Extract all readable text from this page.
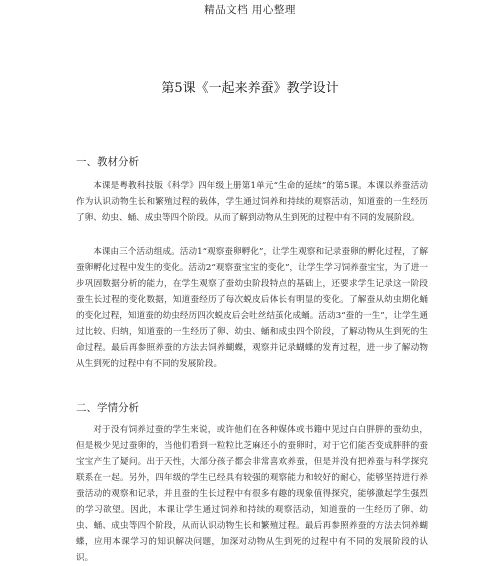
精品文档 用心整理
第5课《一起来养蚕》教学设计
一、教材分析

本课是粤教科技版《科学》四年级上册第1单元“生命的延续”的第5课。本课以养蚕活动作为认识动物生长和繁殖过程的载体，学生通过饲养和持续的观察活动，知道蚕的一生经历了卵、幼虫、蛹、成虫等四个阶段。从而了解到动物从生到死的过程中有不同的发展阶段。

本课由三个活动组成。活动1“观察蚕卵孵化”，让学生观察和记录蚕卵的孵化过程，了解蚕卵孵化过程中发生的变化。活动2“观察蚕宝宝的变化”，让学生学习饲养蚕宝宝，为了进一步巩固数据分析的能力，在学生观察了蚕幼虫阶段特点的基础上，还要求学生记录这一阶段蚕生长过程的变化数据，知道蚕经历了每次蜕皮后体长有明显的变化。了解蚕从幼虫期化蛹的变化过程，知道蚕的幼虫经历四次蜕皮后会吐丝结茧化成蛹。活动3“蚕的一生”，让学生通过比较、归纳，知道蚕的一生经历了卵、幼虫、蛹和成虫四个阶段，了解动物从生到死的生命过程。最后再参照养蚕的方法去饲养蝴蝶，观察并记录蝴蝶的发育过程，进一步了解动物从生到死的过程中有不同的发展阶段。

二、学情分析

对于没有饲养过蚕的学生来说，或许他们在各种媒体或书籍中见过白白胖胖的蚕幼虫，但是极少见过蚕卵的，当他们看到一粒粒比芝麻还小的蚕卵时，对于它们能否变成胖胖的蚕宝宝产生了疑问。出于天性，大部分孩子都会非常喜欢养蚕，但是并没有把养蚕与科学探究联系在一起。另外，四年级的学生已经具有较强的观察能力和较好的耐心，能够坚持进行养蚕活动的观察和记录，并且蚕的生长过程中有很多有趣的现象值得探究，能够激起学生强烈的学习欲望。因此，本课让学生通过饲养和持续的观察活动，知道蚕的一生经历了卵、幼虫、蛹、成虫等四个阶段，从而认识动物生长和繁殖过程。最后再参照养蚕的方法去饲养蝴蝶，应用本课学习的知识解决问题，加深对动物从生到死的过程中有不同的发展阶段的认识。
